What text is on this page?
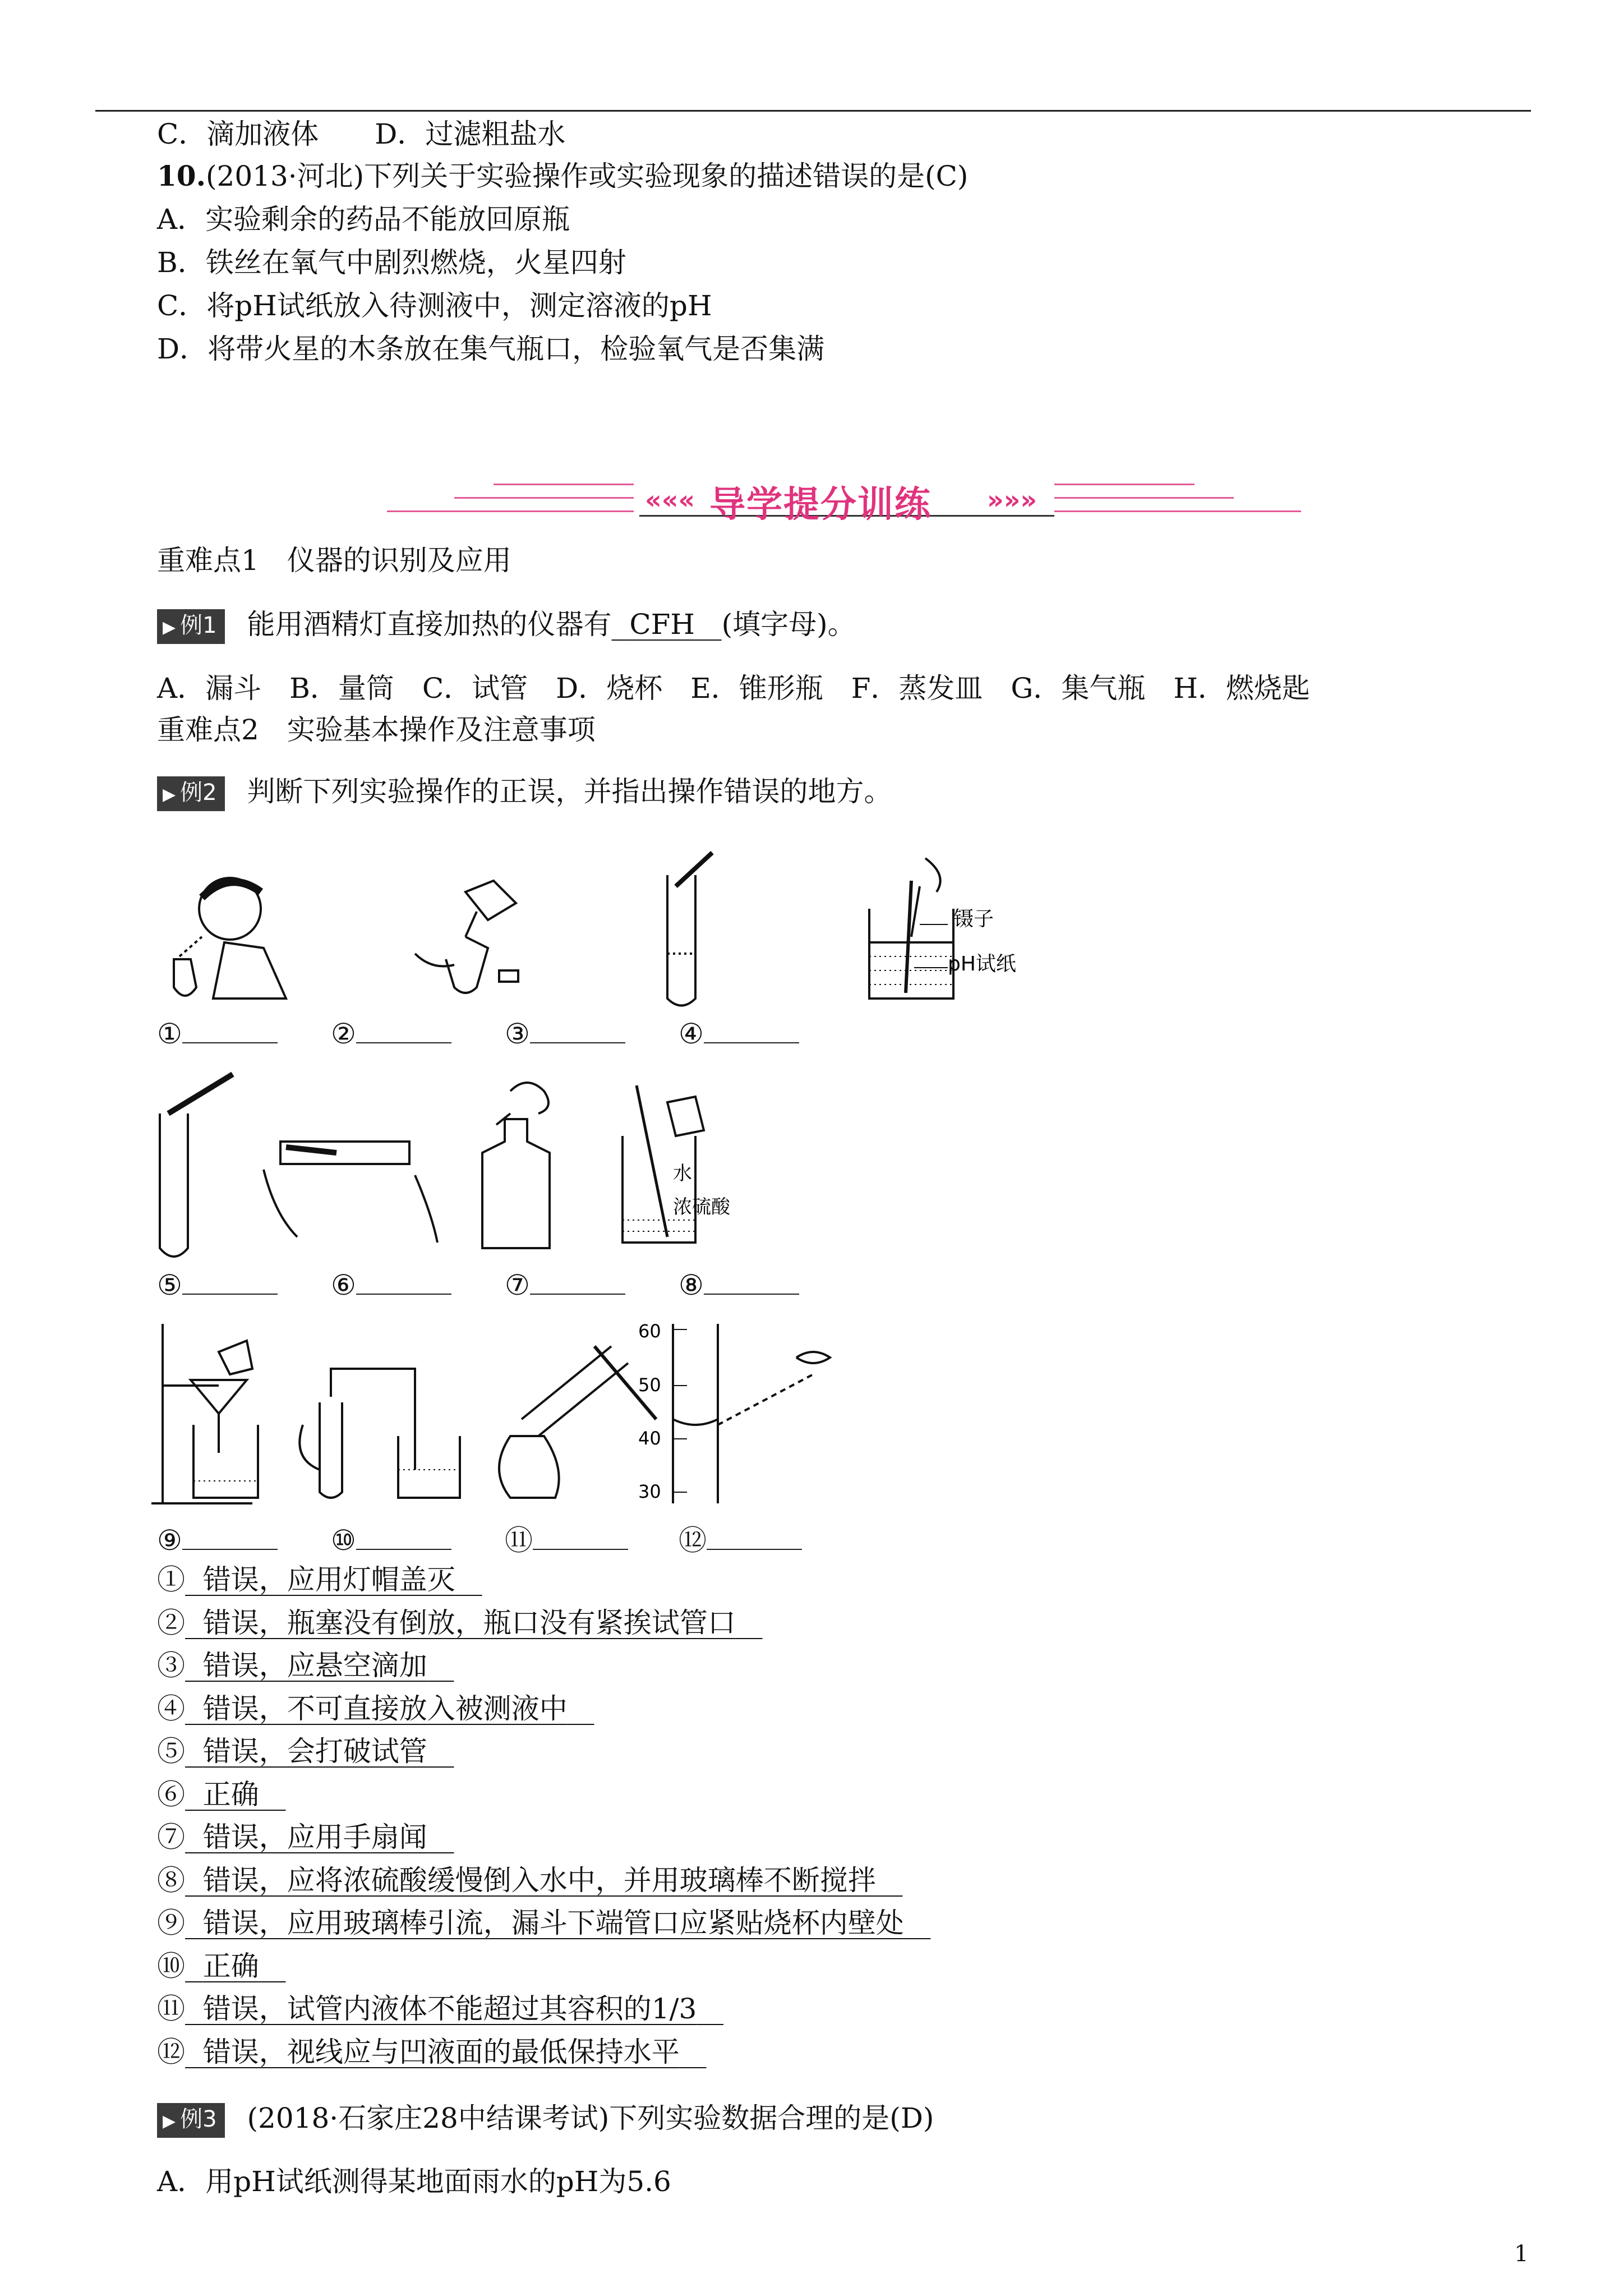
C．滴加液体　　D．过滤粗盐水
10.(2013·河北)下列关于实验操作或实验现象的描述错误的是(C)
A．实验剩余的药品不能放回原瓶
B．铁丝在氧气中剧烈燃烧，火星四射
C．将pH试纸放入待测液中，测定溶液的pH
D．将带火星的木条放在集气瓶口，检验氧气是否集满
««« 导学提分训练 »»»
重难点1　仪器的识别及应用
▶ 例1 能用酒精灯直接加热的仪器有 CFH (填字母)。
A．漏斗　B．量筒　C．试管　D．烧杯　E．锥形瓶　F．蒸发皿　G．集气瓶　H．燃烧匙
重难点2　实验基本操作及注意事项
▶ 例2 判断下列实验操作的正误，并指出操作错误的地方。
镊子
pH试纸
①	②	③	④
水
浓硫酸
⑤	⑥	⑦	⑧
60
50
40
30
⑨	⑩	⑪	⑫
① 错误，应用灯帽盖灭
② 错误，瓶塞没有倒放，瓶口没有紧挨试管口
③ 错误，应悬空滴加
④ 错误，不可直接放入被测液中
⑤ 错误，会打破试管
⑥ 正确
⑦ 错误，应用手扇闻
⑧ 错误，应将浓硫酸缓慢倒入水中，并用玻璃棒不断搅拌
⑨ 错误，应用玻璃棒引流，漏斗下端管口应紧贴烧杯内壁处
⑩ 正确
⑪ 错误，试管内液体不能超过其容积的1/3
⑫ 错误，视线应与凹液面的最低保持水平
▶ 例3 (2018·石家庄28中结课考试)下列实验数据合理的是(D)
A．用pH试纸测得某地面雨水的pH为5.6
1
